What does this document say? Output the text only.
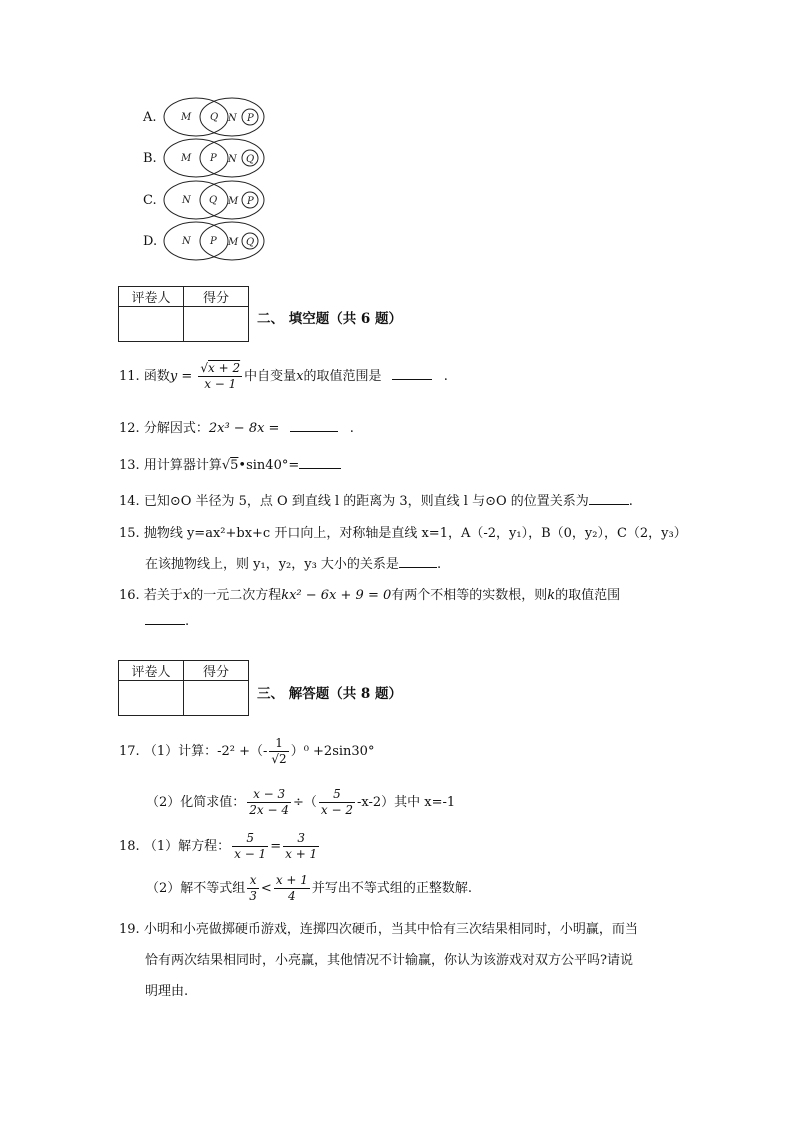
A. M Q N P
B. M P N Q
C.	N Q M P
D. N P M Q
评卷人	得分

二、 填空题（共 6 题）
11. 函数$y = \frac{√x + 2}{x - 1}$ 中自变量x的取值范围是	.
12. 分解因式：2x³ − 8x =	.
13. 用计算器计算√5•sin40°=
14. 已知⊙O 半径为 5，点 O 到直线 l 的距离为 3，则直线 l 与⊙O 的位置关系为	.
15. 抛物线 y=ax²+bx+c 开口向上，对称轴是直线 x=1，A（-2，y₁），B（0，y₂），C（2，y₃）
在该抛物线上，则 y₁，y₂，y₃ 大小的关系是	.
16. 若关于x的一元二次方程kx² − 6x + 9 = 0有两个不相等的实数根，则k的取值范围
.
评卷人	得分

三、 解答题（共 8 题）
17. （1）计算：-2² +（- $\frac{1}{√2} )^0 +2\sin 30^\circ$
（2）化简求值： $\frac{x - 3}{2x - 4}$ ÷（ $\frac{5}{x - 2} -x-2$）其中 x=-1
18. （1）解方程： $\frac{5}{x - 1} = \frac{3}{x + 1}$
（2）解不等式组 $\frac{x}{3} < \frac{x + 1}{4}$ 并写出不等式组的正整数解.
19. 小明和小亮做掷硬币游戏，连掷四次硬币，当其中恰有三次结果相同时，小明赢，而当
恰有两次结果相同时，小亮赢，其他情况不计输赢，你认为该游戏对双方公平吗?请说
明理由.
